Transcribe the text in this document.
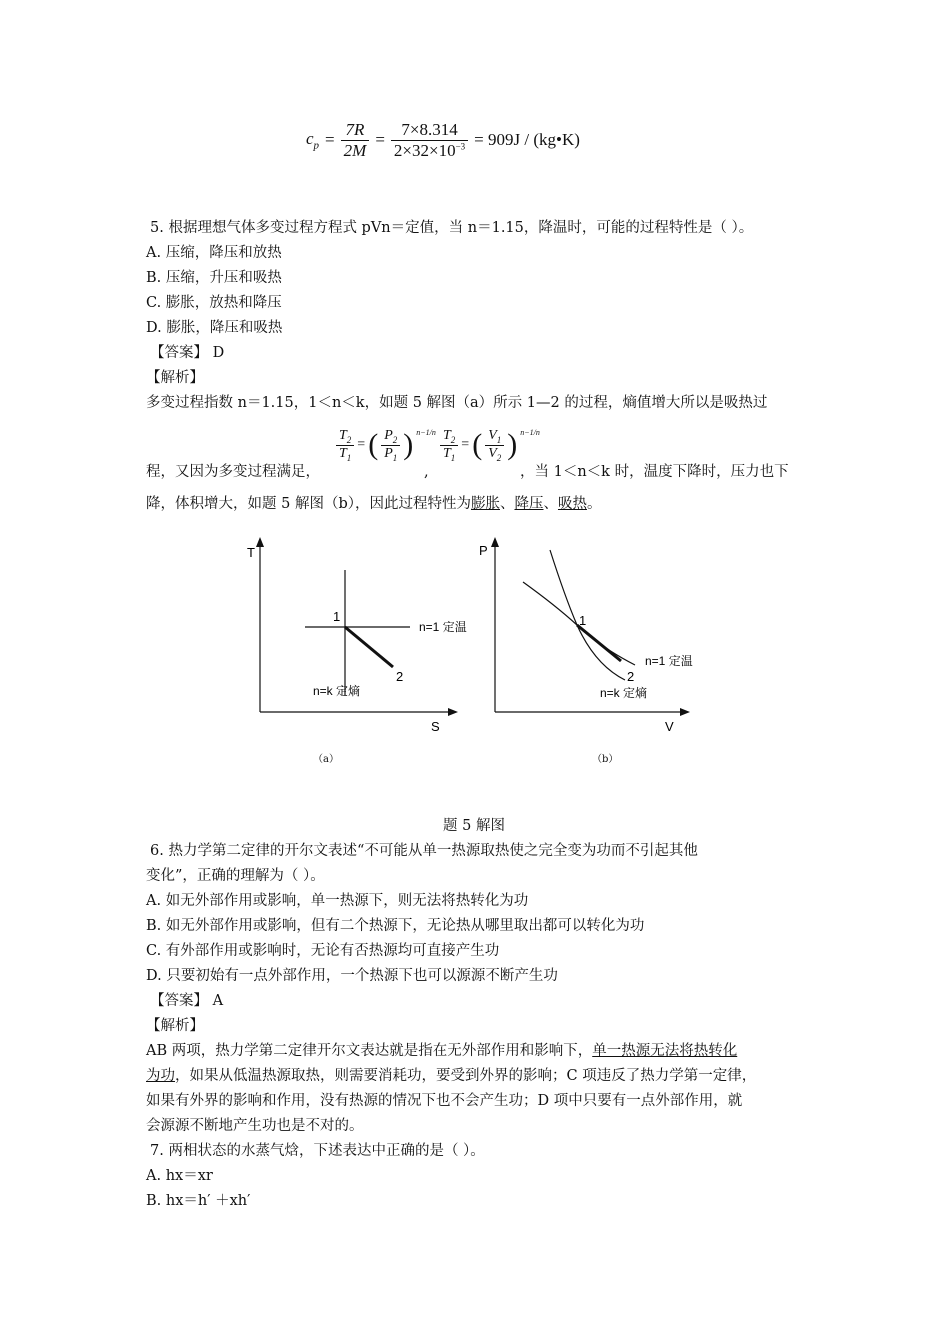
$c_p = \frac{7R}{2M} = \frac{7\times 8.314}{2\times 32\times 10^{-3}} = 909J$ / (kg•K)
5. 根据理想气体多变过程方程式 pVn＝定值，当 n＝1.15，降温时，可能的过程特性是（ ）。
A. 压缩，降压和放热
B. 压缩，升压和吸热
C. 膨胀，放热和降压
D. 膨胀，降压和吸热
【答案】 D
【解析】
多变过程指数 n＝1.15，1＜n＜k，如题 5 解图（a）所示 1—2 的过程，熵值增大所以是吸热过
程，又因为多变过程满足，
$\frac{T_2}{T_1}$ = ( $\frac{P_2}{P_1}$ ) $^{n-1/n}$
,
$\frac{T_2}{T_1}$ = ( $\frac{V_1}{V_2}$ ) $^{n-1/n}$
，当 1＜n＜k 时，温度下降时，压力也下
降，体积增大，如题 5 解图（b），因此过程特性为膨胀、降压、吸热。
T
S
1
2
n=1 定温
n=k 定熵
（a）
P
V
1
2
n=1 定温
n=k 定熵
（b）
题 5 解图
6. 热力学第二定律的开尔文表述“不可能从单一热源取热使之完全变为功而不引起其他
变化”，正确的理解为（ ）。
A. 如无外部作用或影响，单一热源下，则无法将热转化为功
B. 如无外部作用或影响，但有二个热源下，无论热从哪里取出都可以转化为功
C. 有外部作用或影响时，无论有否热源均可直接产生功
D. 只要初始有一点外部作用，一个热源下也可以源源不断产生功
【答案】 A
【解析】
AB 两项，热力学第二定律开尔文表达就是指在无外部作用和影响下，单一热源无法将热转化
为功，如果从低温热源取热，则需要消耗功，要受到外界的影响；C 项违反了热力学第一定律，
如果有外界的影响和作用，没有热源的情况下也不会产生功；D 项中只要有一点外部作用，就
会源源不断地产生功也是不对的。
7. 两相状态的水蒸气焓，下述表达中正确的是（ ）。
A. hx＝xr
B. hx＝h′ ＋xh′
